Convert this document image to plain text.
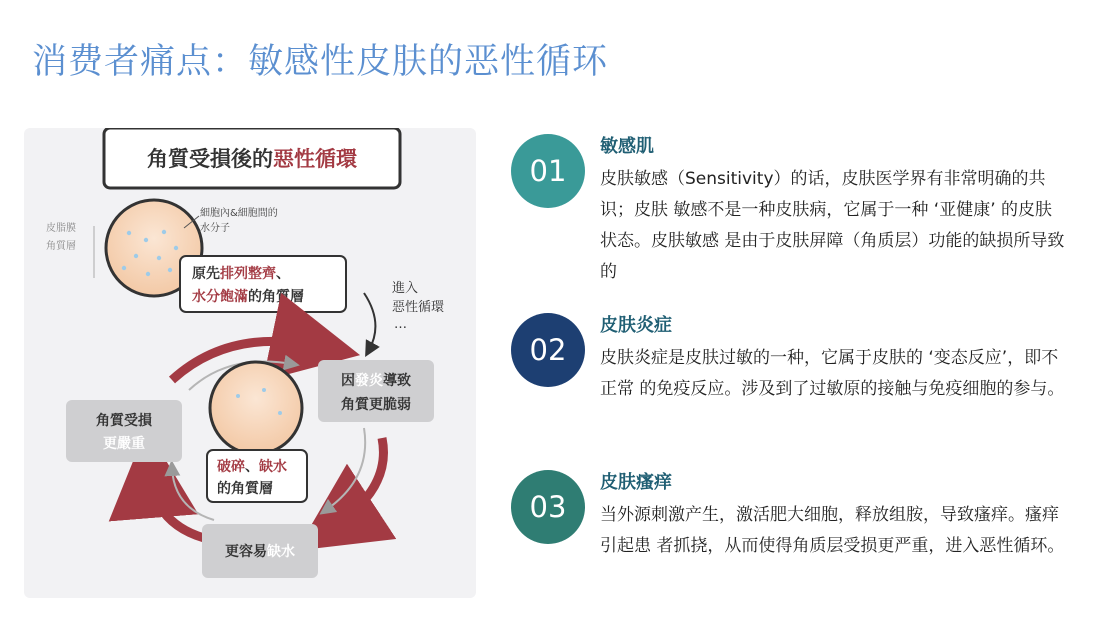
消费者痛点：敏感性皮肤的恶性循环
角質受損後的惡性循環
皮脂膜
角質層
細胞內&細胞間的
水分子
原先排列整齊、
水分飽滿的角質層
進入
惡性循環
…
破碎、缺水
的角質層
因發炎導致
角質更脆弱
角質受損
更嚴重
更容易缺水
01
敏感肌
皮肤敏感（Sensitivity）的话，皮肤医学界有非常明确的共识；皮肤 敏感不是一种皮肤病，它属于一种 ‘亚健康’ 的皮肤状态。皮肤敏感 是由于皮肤屏障（角质层）功能的缺损所导致的
02
皮肤炎症
皮肤炎症是皮肤过敏的一种，它属于皮肤的 ‘变态反应’，即不正常 的免疫反应。涉及到了过敏原的接触与免疫细胞的参与。
03
皮肤瘙痒
当外源刺激产生，激活肥大细胞，释放组胺，导致瘙痒。瘙痒引起患 者抓挠，从而使得角质层受损更严重，进入恶性循环。
